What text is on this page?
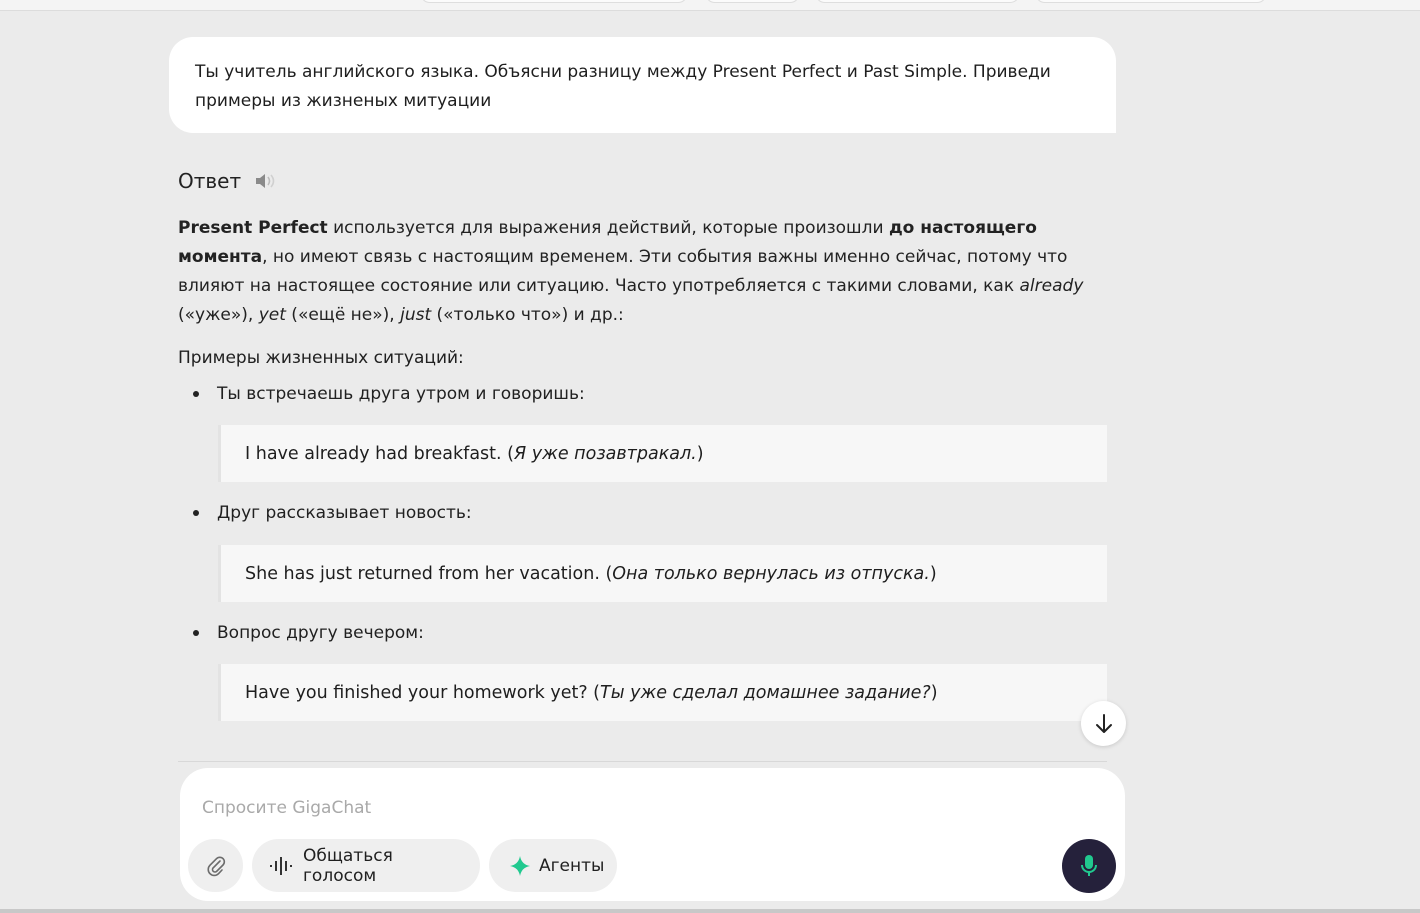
Ты учитель английского языка. Объясни разницу между Present Perfect и Past Simple. Приведи примеры из жизненых митуации
Ответ
Present Perfect используется для выражения действий, которые произошли до настоящего момента, но имеют связь с настоящим временем. Эти события важны именно сейчас, потому что влияют на настоящее состояние или ситуацию. Часто употребляется с такими словами, как already («уже»), yet («ещё не»), just («только что») и др.:
Примеры жизненных ситуаций:
Ты встречаешь друга утром и говоришь:
I have already had breakfast. ( Я уже позавтракал. )
Друг рассказывает новость:
She has just returned from her vacation. ( Она только вернулась из отпуска. )
Вопрос другу вечером:
Have you finished your homework yet? ( Ты уже сделал домашнее задание? )
Спросите GigaChat
Общаться голосом	Агенты
